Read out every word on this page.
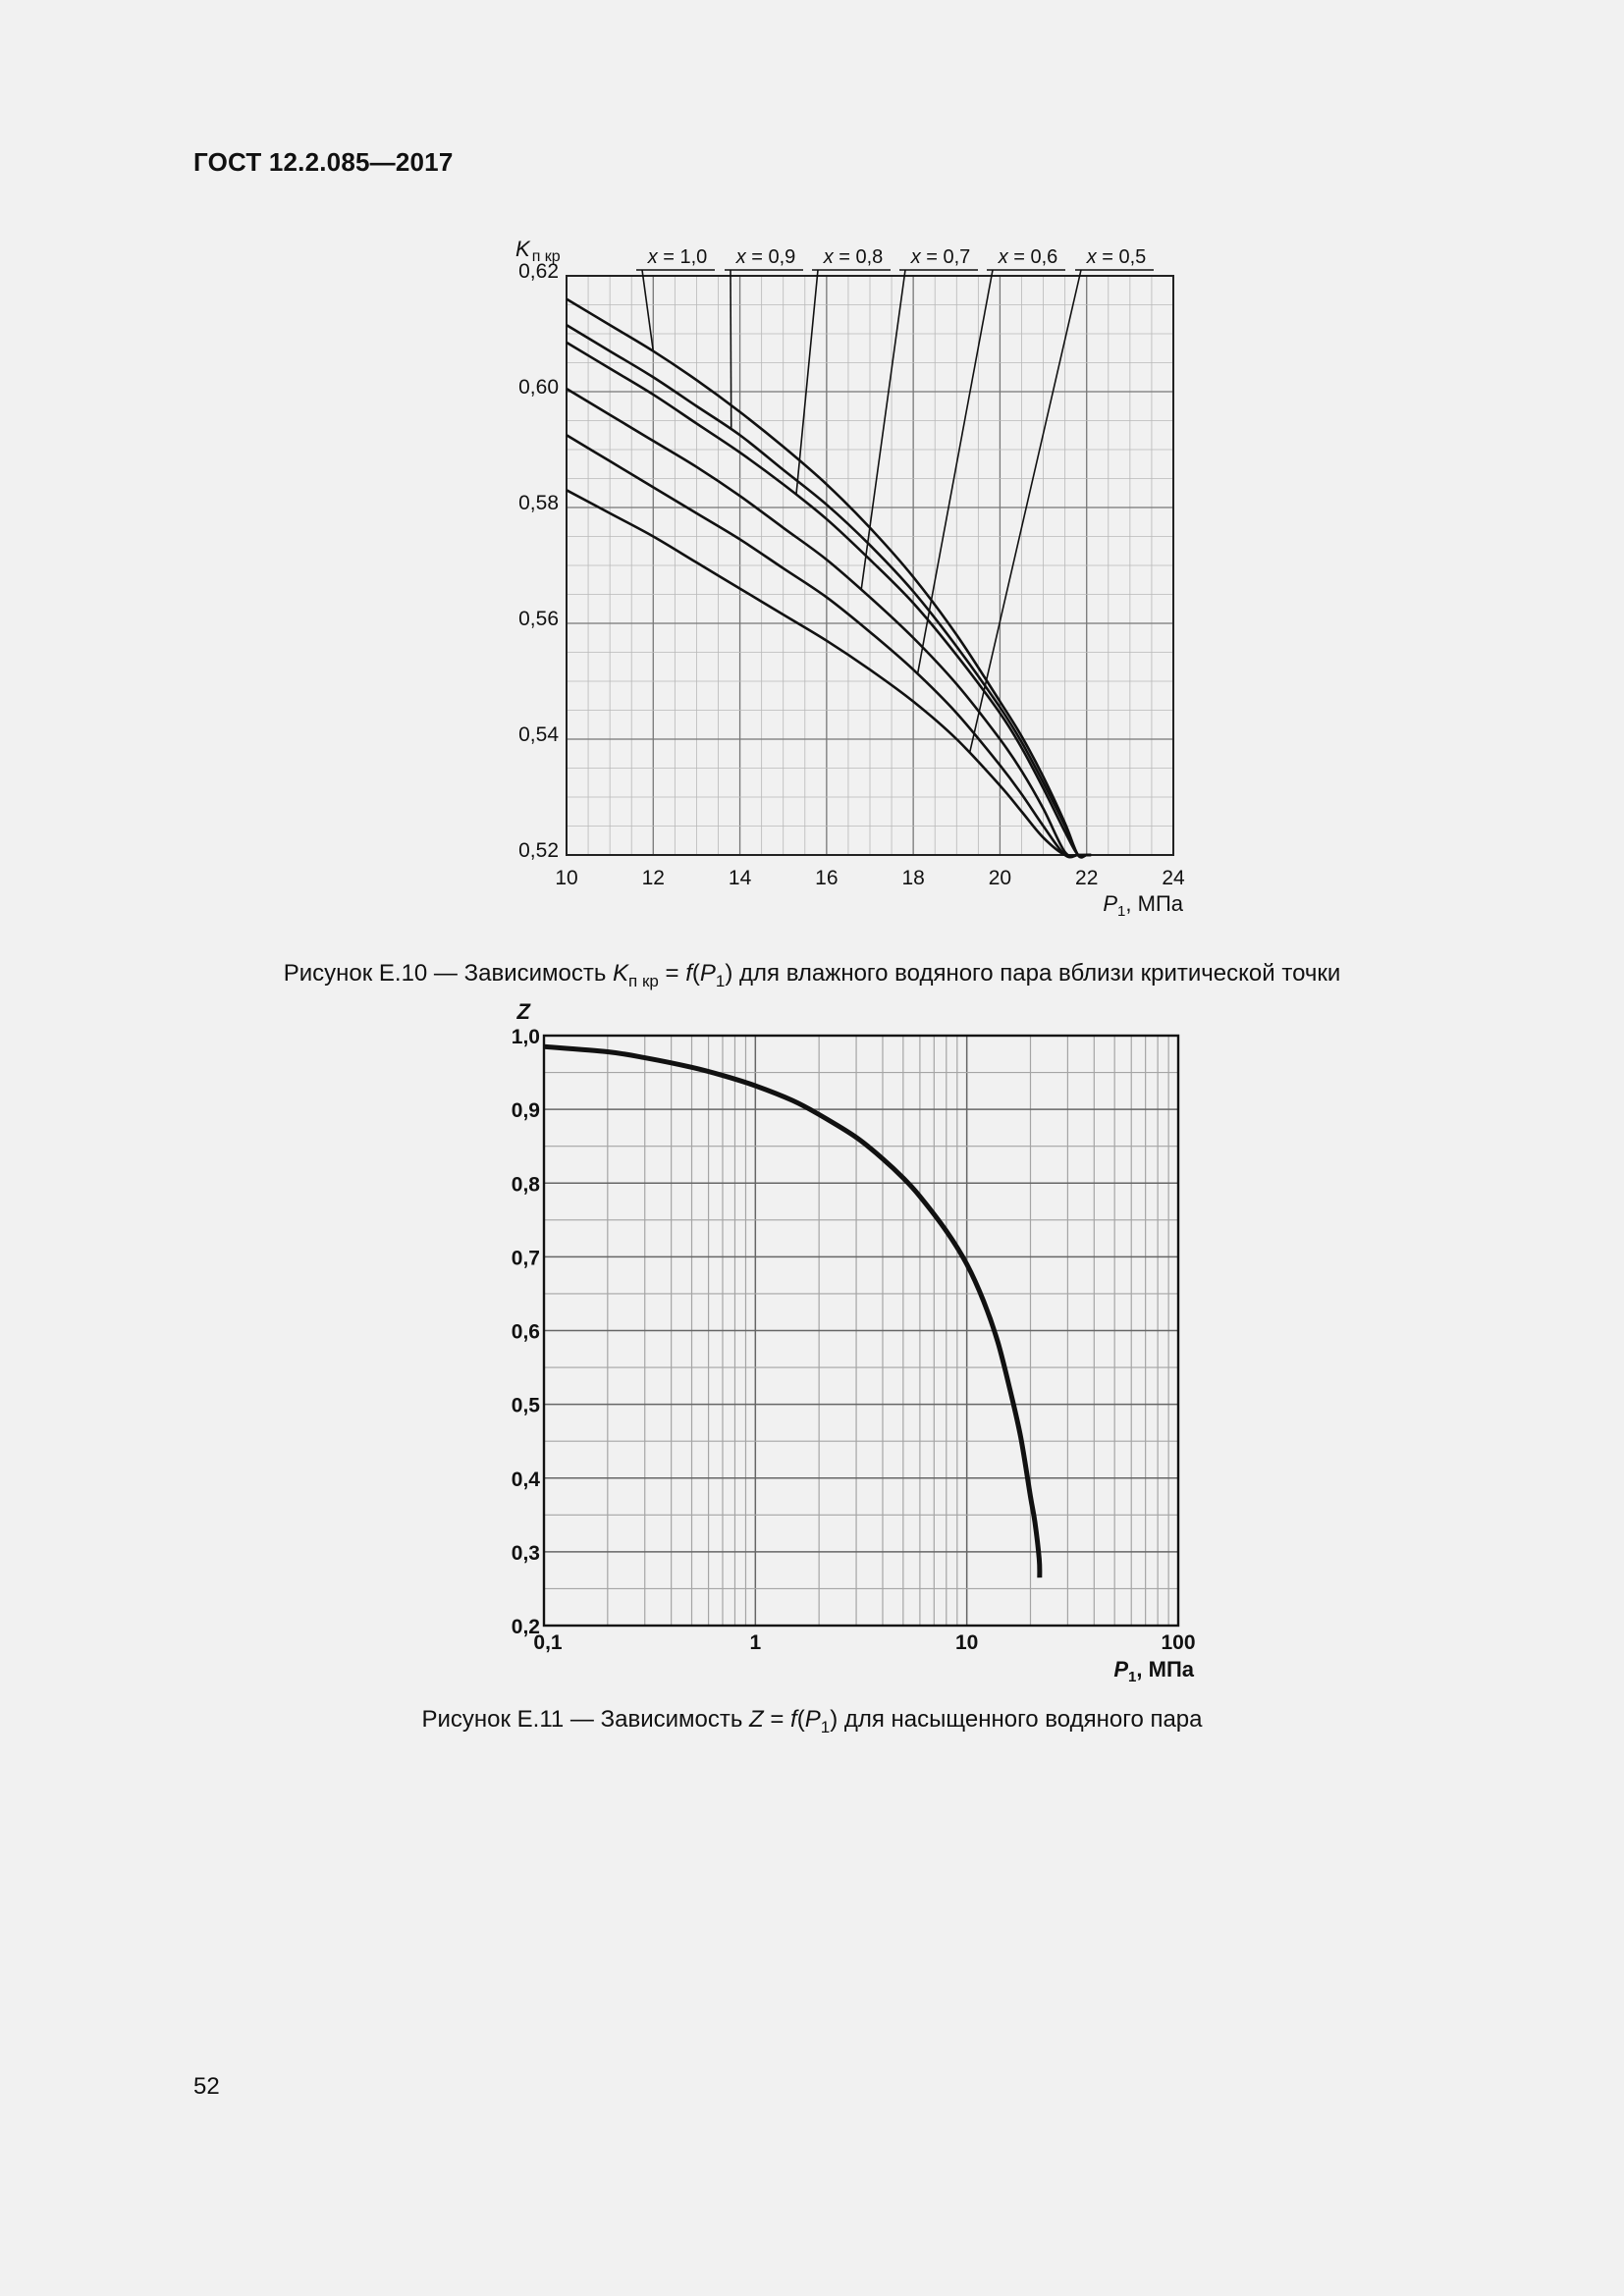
ГОСТ 12.2.085—2017
10	12	14	16	18	20	22	24
0,52
0,54
0,56
0,58
0,60
0,62
K $_{п кр}$
$P_1$, МПа
x = 1,0 x = 0,9 x = 0,8 x = 0,7 x = 0,6 x = 0,5
Рисунок Е.10 — Зависимость $K_{п кр} = f(P_1)$ для влажного водяного пара вблизи критической точки
0,1	1	10	100
0,2
0,3
0,4
0,5
0,6
0,7
0,8
0,9
1,0
Z
$P_1$, МПа
Рисунок Е.11 — Зависимость $Z = f(P_1)$ для насыщенного водяного пара
52
